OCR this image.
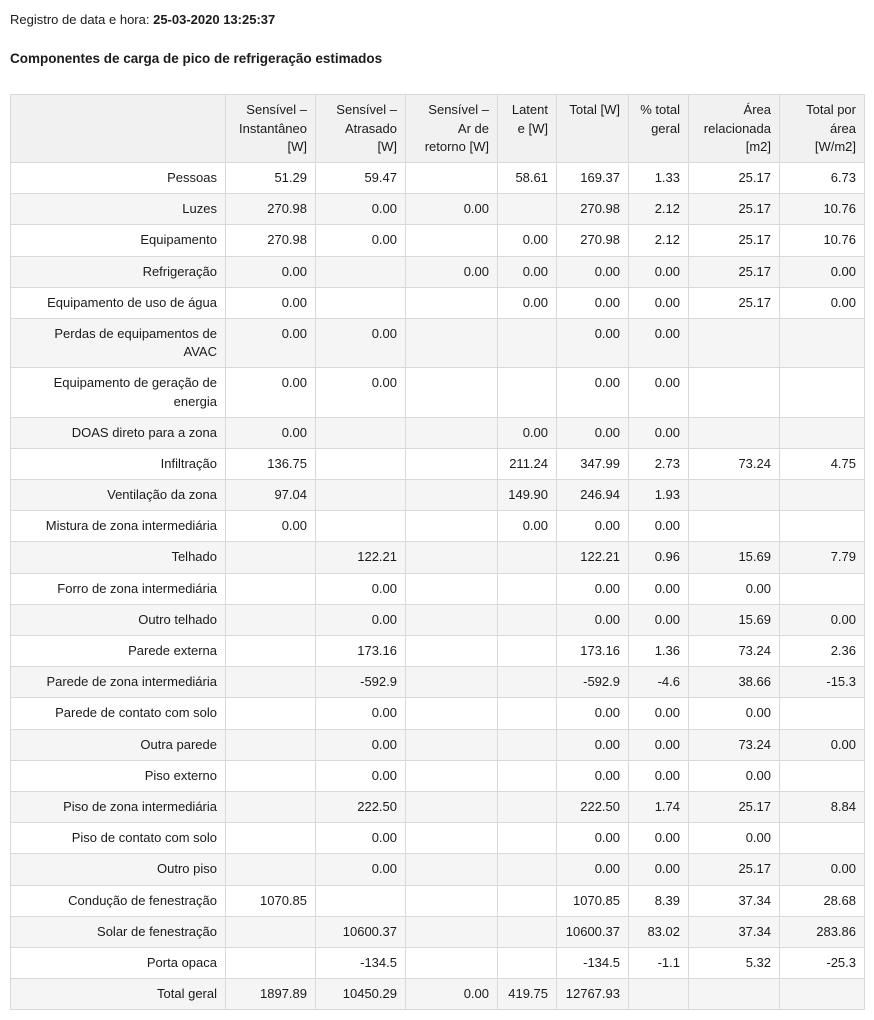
Registro de data e hora: 25-03-2020 13:25:37

Componentes de carga de pico de refrigeração estimados
	Sensível – Instantâneo [W]	Sensível – Atrasado [W]	Sensível – Ar de retorno [W]	Latente [W]	Total [W]	% total geral	Área relacionada [m2]	Total por área [W/m2]
Pessoas	51.29	59.47		58.61	169.37	1.33	25.17	6.73
Luzes	270.98	0.00	0.00		270.98	2.12	25.17	10.76
Equipamento	270.98	0.00		0.00	270.98	2.12	25.17	10.76
Refrigeração	0.00		0.00	0.00	0.00	0.00	25.17	0.00
Equipamento de uso de água	0.00			0.00	0.00	0.00	25.17	0.00
Perdas de equipamentos de AVAC	0.00	0.00			0.00	0.00		
Equipamento de geração de energia	0.00	0.00			0.00	0.00		
DOAS direto para a zona	0.00			0.00	0.00	0.00		
Infiltração	136.75			211.24	347.99	2.73	73.24	4.75
Ventilação da zona	97.04			149.90	246.94	1.93		
Mistura de zona intermediária	0.00			0.00	0.00	0.00		
Telhado		122.21			122.21	0.96	15.69	7.79
Forro de zona intermediária		0.00			0.00	0.00	0.00	
Outro telhado		0.00			0.00	0.00	15.69	0.00
Parede externa		173.16			173.16	1.36	73.24	2.36
Parede de zona intermediária		-592.9			-592.9	-4.6	38.66	-15.3
Parede de contato com solo		0.00			0.00	0.00	0.00	
Outra parede		0.00			0.00	0.00	73.24	0.00
Piso externo		0.00			0.00	0.00	0.00	
Piso de zona intermediária		222.50			222.50	1.74	25.17	8.84
Piso de contato com solo		0.00			0.00	0.00	0.00	
Outro piso		0.00			0.00	0.00	25.17	0.00
Condução de fenestração	1070.85				1070.85	8.39	37.34	28.68
Solar de fenestração		10600.37			10600.37	83.02	37.34	283.86
Porta opaca		-134.5			-134.5	-1.1	5.32	-25.3
Total geral	1897.89	10450.29	0.00	419.75	12767.93			
